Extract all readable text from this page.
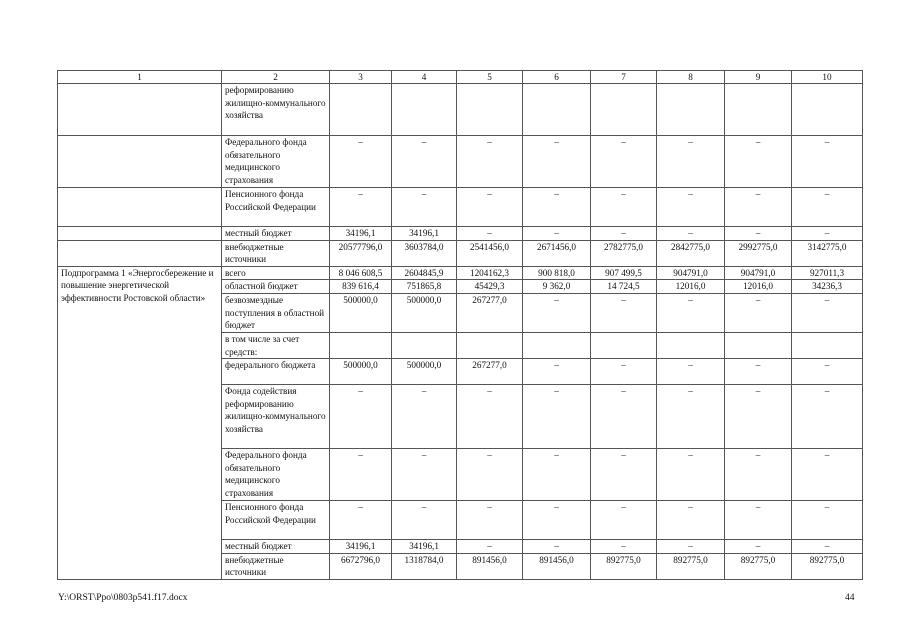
1	2	3	4	5	6	7	8	9	10
	реформированию жилищно-коммунального хозяйства								
	Федерального фонда обязательного медицинского страхования	–	–	–	–	–	–	–	–
	Пенсионного фонда Российской Федерации	–	–	–	–	–	–	–	–
	местный бюджет	34196,1	34196,1	–	–	–	–	–	–
	внебюджетные источники	20577796,0	3603784,0	2541456,0	2671456,0	2782775,0	2842775,0	2992775,0	3142775,0
Подпрограмма 1 «Энергосбережение и повышение энергетической эффективности Ростовской области»	всего	8 046 608,5	2604845,9	1204162,3	900 818,0	907 499,5	904791,0	904791,0	927011,3
	областной бюджет	839 616,4	751865,8	45429,3	9 362,0	14 724,5	12016,0	12016,0	34236,3
	безвозмездные поступления в областной бюджет	500000,0	500000,0	267277,0	–	–	–	–	–
	в том числе за счет средств:								
	федерального бюджета	500000,0	500000,0	267277,0	–	–	–	–	–
	Фонда содействия реформированию жилищно-коммунального хозяйства	–	–	–	–	–	–	–	–
	Федерального фонда обязательного медицинского страхования	–	–	–	–	–	–	–	–
	Пенсионного фонда Российской Федерации	–	–	–	–	–	–	–	–
	местный бюджет	34196,1	34196,1	–	–	–	–	–	–
	внебюджетные источники	6672796,0	1318784,0	891456,0	891456,0	892775,0	892775,0	892775,0	892775,0
Y:\ORST\Ppo\0803p541.f17.docx	44
